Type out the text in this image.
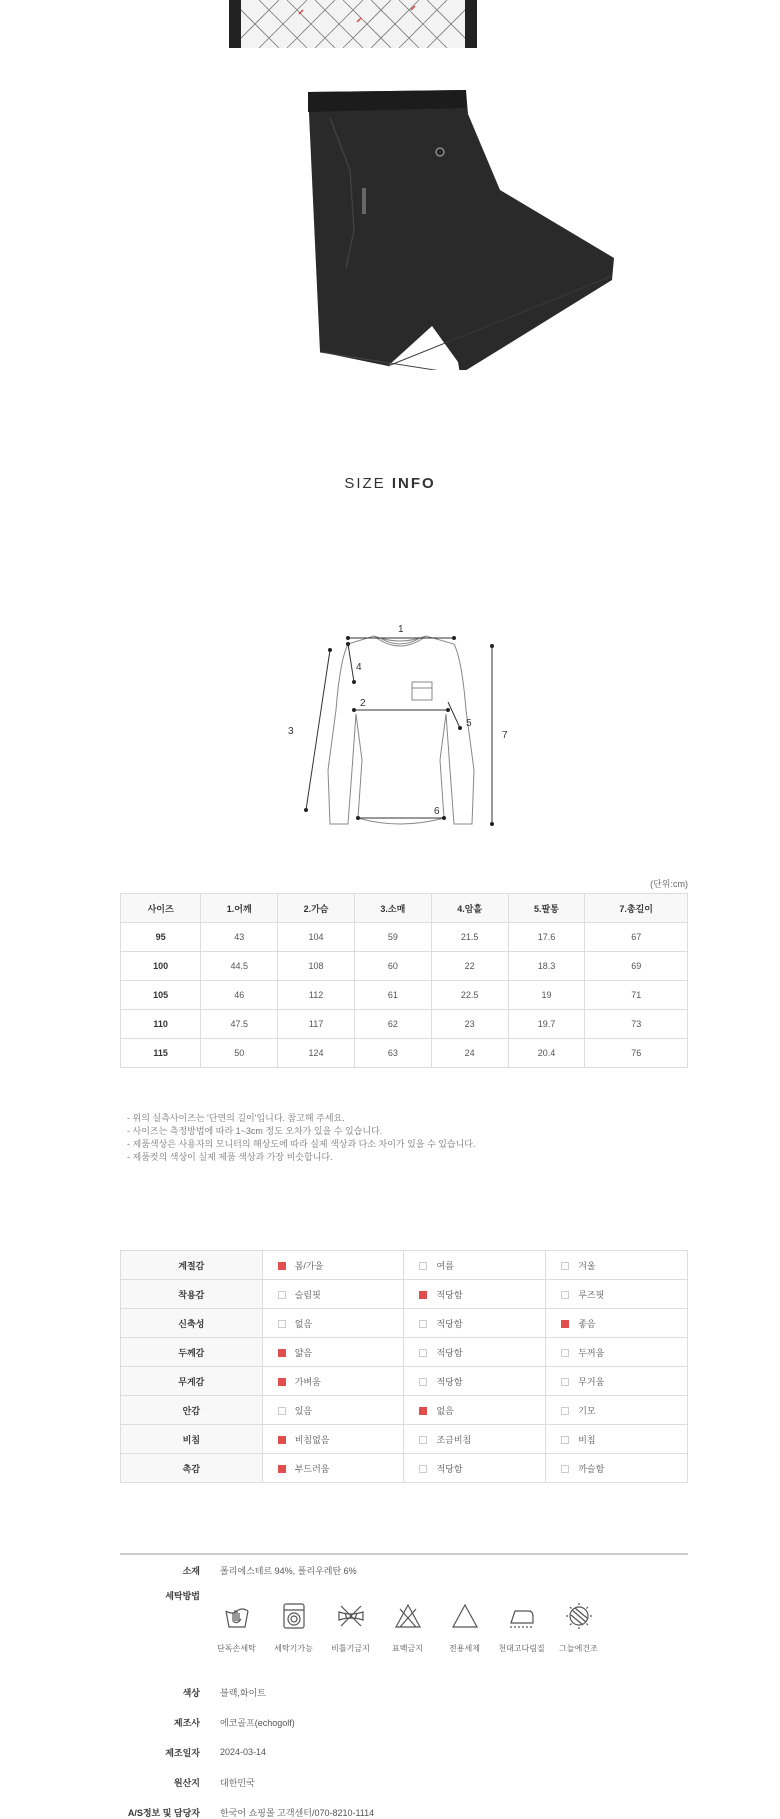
SIZE INFO
1
2
3
4
5
6
7
(단위:cm)
사이즈	1.어깨	2.가슴	3.소매	4.암홀	5.팔통	7.총길이
95	43	104	59	21.5	17.6	67
100	44.5	108	60	22	18.3	69
105	46	112	61	22.5	19	71
110	47.5	117	62	23	19.7	73
115	50	124	63	24	20.4	76
- 위의 실측사이즈는 '단면의 길이'입니다. 참고해 주세요.
- 사이즈는 측정방법에 따라 1~3cm 정도 오차가 있을 수 있습니다.
- 제품색상은 사용자의 모니터의 해상도에 따라 실제 색상과 다소 차이가 있을 수 있습니다.
- 제품컷의 색상이 실제 제품 색상과 가장 비슷합니다.
계절감	봄/가을	여름	겨울
착용감	슬림핏	적당함	루즈핏
신축성	없음	적당함	좋음
두께감	얇음	적당함	두꺼움
무게감	가벼움	적당함	무거움
안감	있음	없음	기모
비침	비침없음	조금비침	비침
촉감	부드러움	적당함	까슬함
소재 폴리에스테르 94%, 폴리우레탄 6%
세탁방법
단독손세탁 세탁기가능 비틀기금지	표백금지	전용세제 천대고다림질 그늘에건조
색상 블랙,화이트
제조사 에코골프(echogolf)
제조일자 2024-03-14
원산지 대한민국
A/S정보 및 담당자 한국어 쇼핑몰 고객센터/070-8210-1114
